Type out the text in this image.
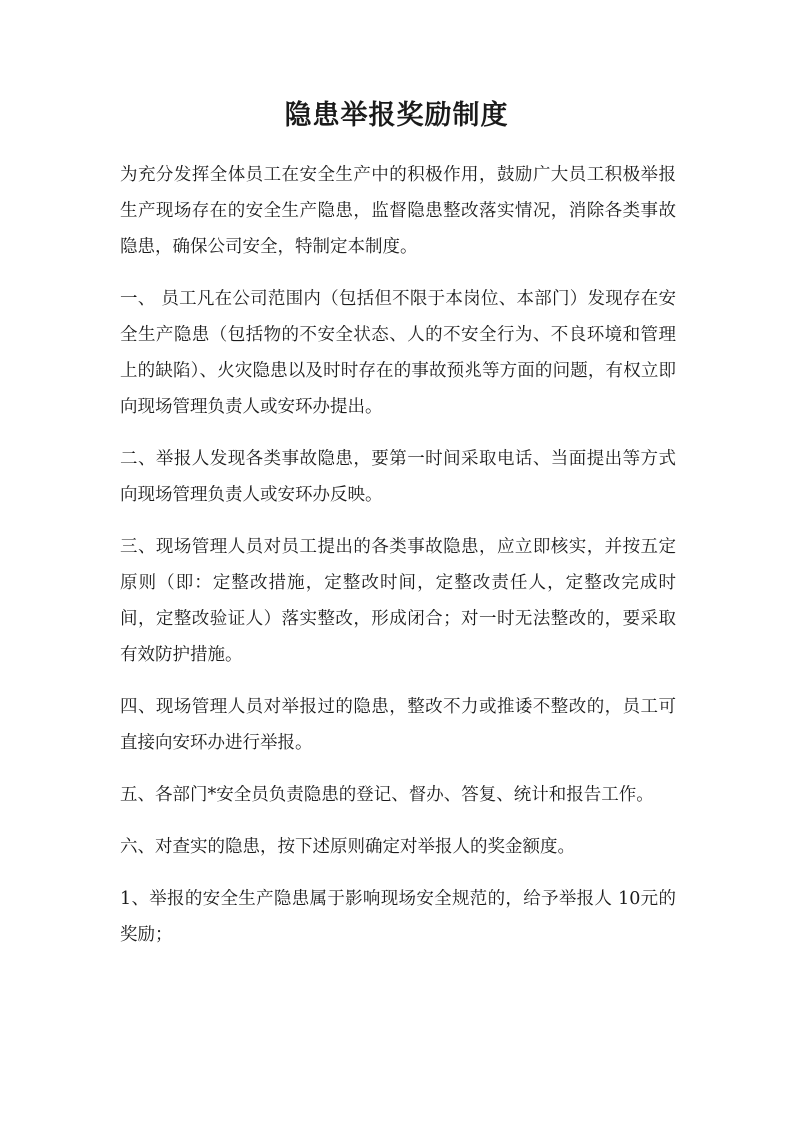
隐患举报奖励制度

为充分发挥全体员工在安全生产中的积极作用，鼓励广大员工积极举报生产现场存在的安全生产隐患，监督隐患整改落实情况，消除各类事故隐患，确保公司安全，特制定本制度。

一、 员工凡在公司范围内（包括但不限于本岗位、本部门）发现存在安全生产隐患（包括物的不安全状态、人的不安全行为、不良环境和管理上的缺陷）、火灾隐患以及时时存在的事故预兆等方面的问题，有权立即向现场管理负责人或安环办提出。

二、举报人发现各类事故隐患，要第一时间采取电话、当面提出等方式向现场管理负责人或安环办反映。

三、现场管理人员对员工提出的各类事故隐患，应立即核实，并按五定原则（即：定整改措施，定整改时间，定整改责任人，定整改完成时间，定整改验证人）落实整改，形成闭合；对一时无法整改的，要采取有效防护措施。

四、现场管理人员对举报过的隐患，整改不力或推诿不整改的，员工可直接向安环办进行举报。

五、各部门*安全员负责隐患的登记、督办、答复、统计和报告工作。

六、对查实的隐患，按下述原则确定对举报人的奖金额度。

1、举报的安全生产隐患属于影响现场安全规范的，给予举报人 10元的奖励；
